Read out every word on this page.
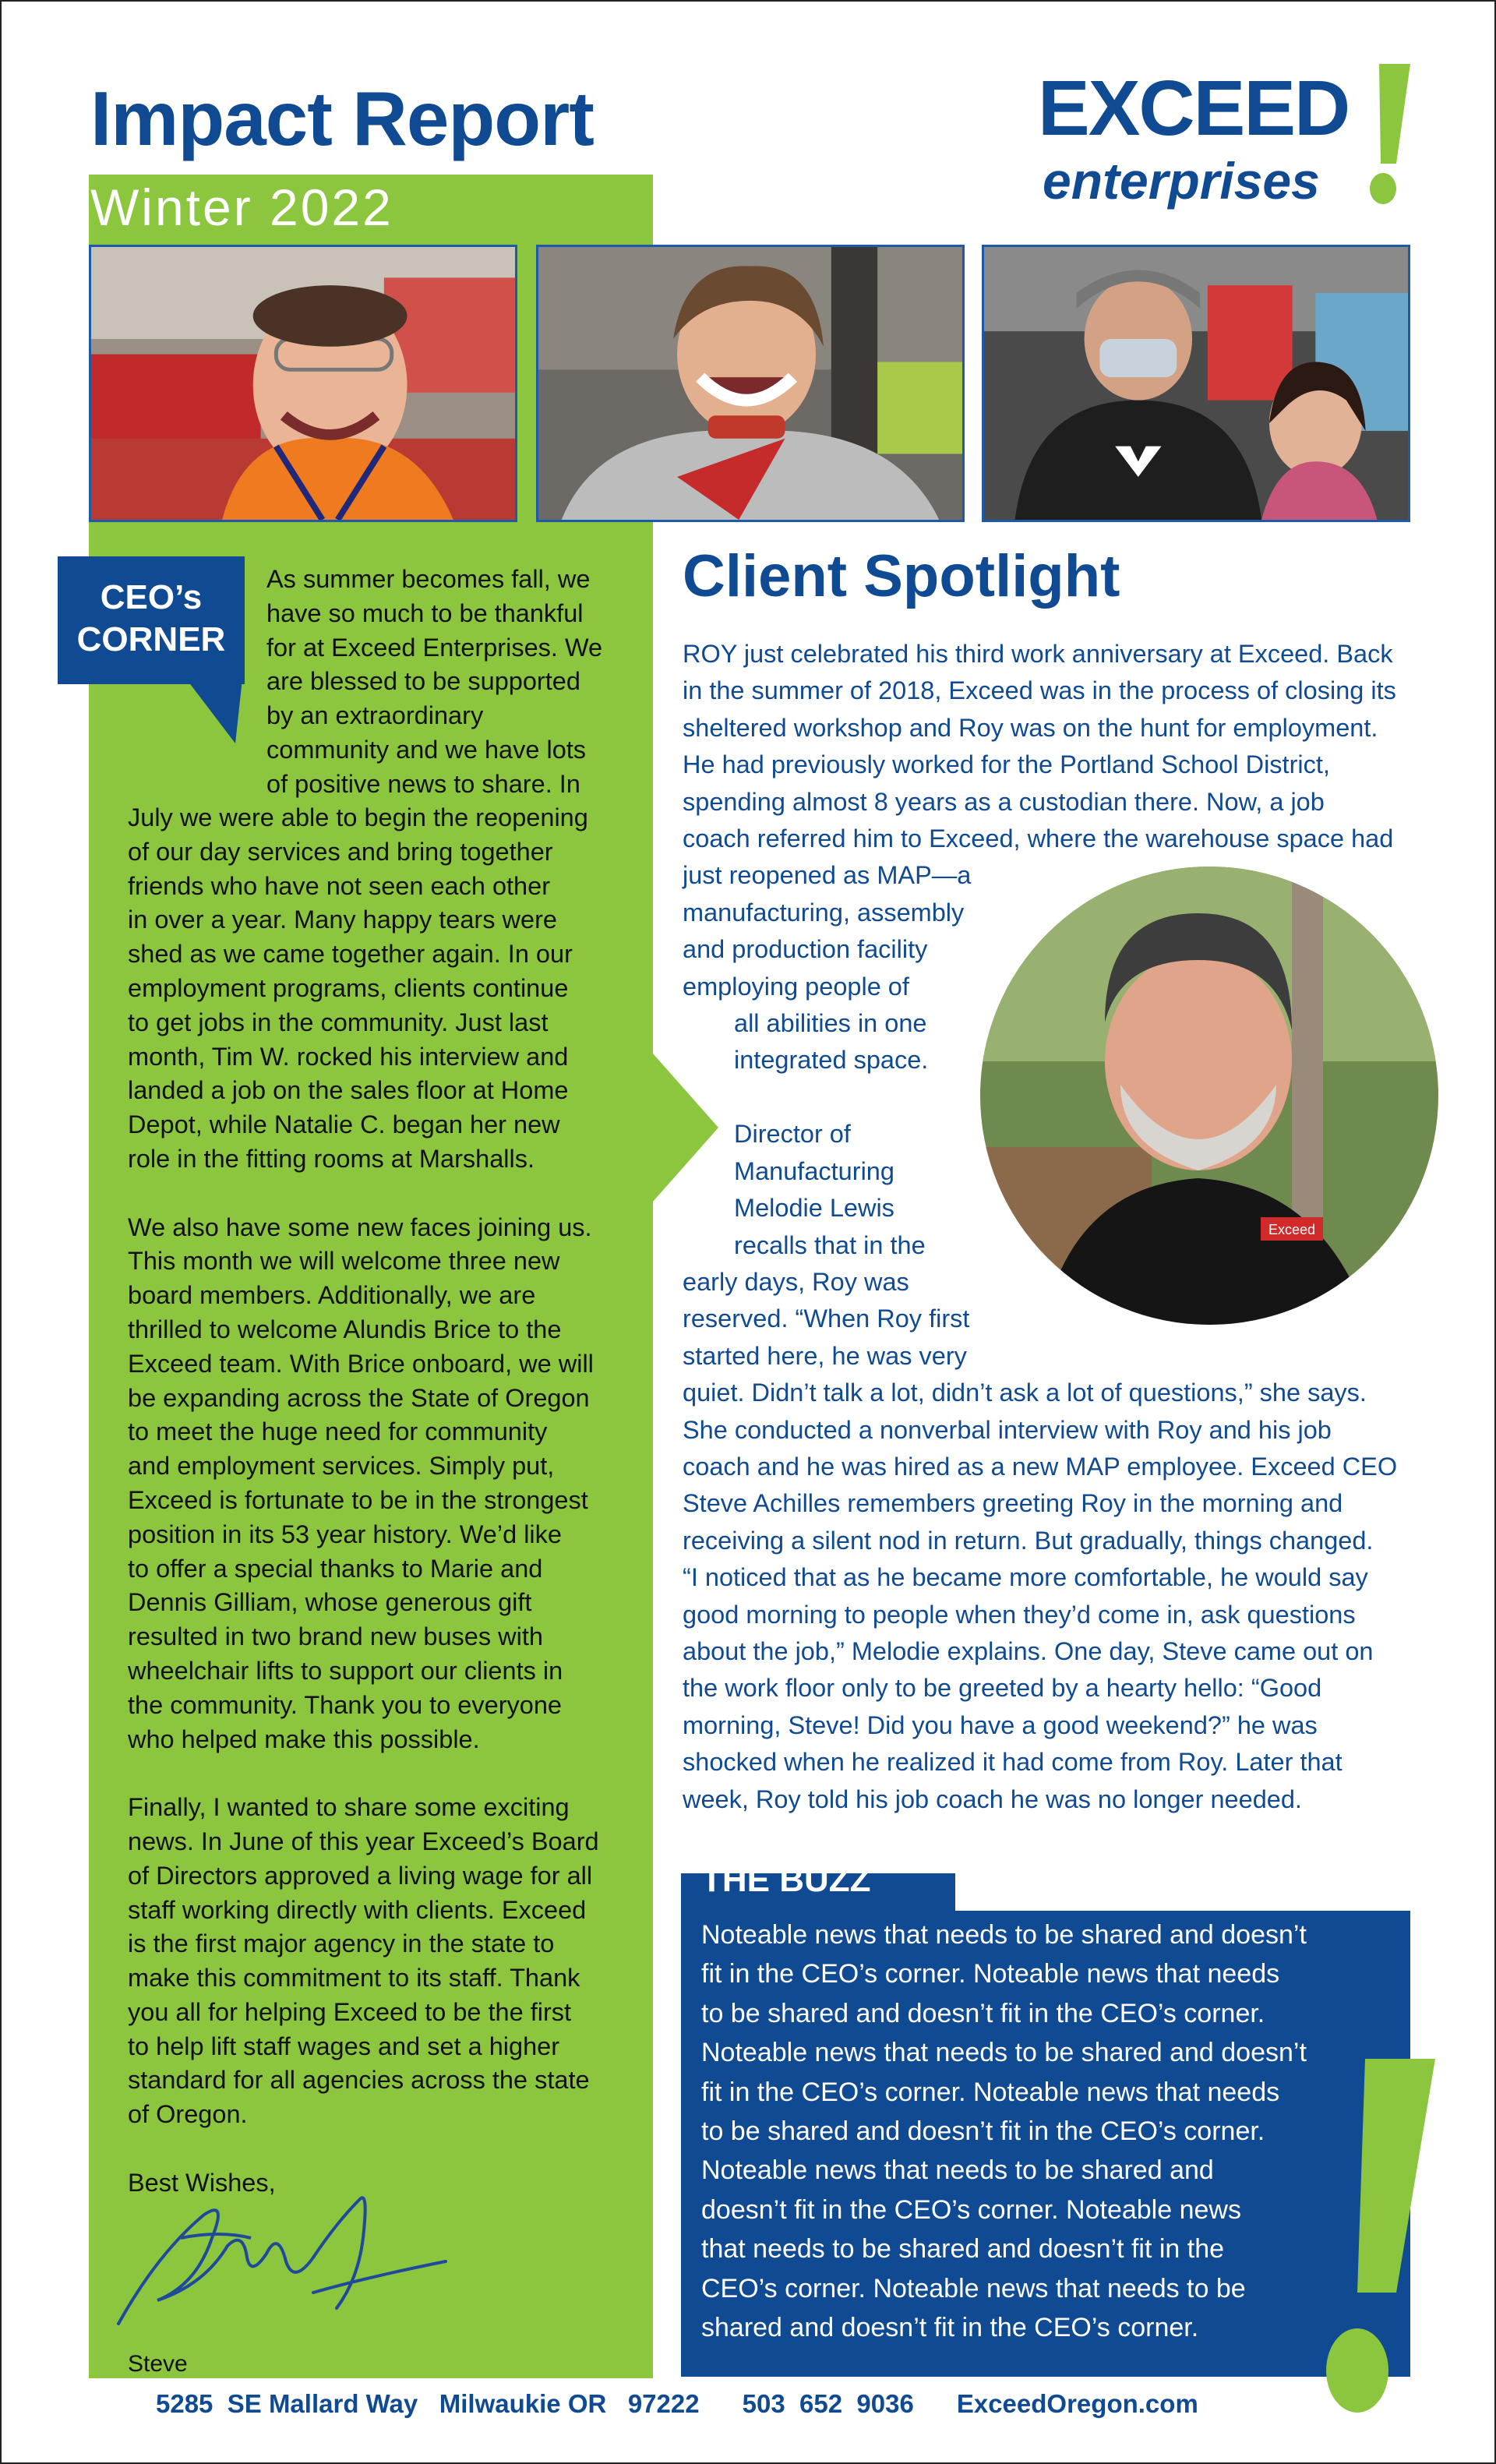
Impact Report
Winter 2022
EXCEED
enterprises
CEO’s
CORNER

As summer becomes fall, we

have so much to be thankful

for at Exceed Enterprises. We

are blessed to be supported

by an extraordinary

community and we have lots

of positive news to share. In

July we were able to begin the reopening

of our day services and bring together

friends who have not seen each other

in over a year. Many happy tears were

shed as we came together again. In our

employment programs, clients continue

to get jobs in the community. Just last

month, Tim W. rocked his interview and

landed a job on the sales floor at Home

Depot, while Natalie C. began her new

role in the fitting rooms at Marshalls.

We also have some new faces joining us.

This month we will welcome three new

board members. Additionally, we are

thrilled to welcome Alundis Brice to the

Exceed team. With Brice onboard, we will

be expanding across the State of Oregon

to meet the huge need for community

and employment services. Simply put,

Exceed is fortunate to be in the strongest

position in its 53 year history. We’d like

to offer a special thanks to Marie and

Dennis Gilliam, whose generous gift

resulted in two brand new buses with

wheelchair lifts to support our clients in

the community. Thank you to everyone

who helped make this possible.

Finally, I wanted to share some exciting

news. In June of this year Exceed’s Board

of Directors approved a living wage for all

staff working directly with clients. Exceed

is the first major agency in the state to

make this commitment to its staff. Thank

you all for helping Exceed to be the first

to help lift staff wages and set a higher

standard for all agencies across the state

of Oregon.

Best Wishes,

Steve
Client Spotlight

ROY just celebrated his third work anniversary at Exceed. Back

in the summer of 2018, Exceed was in the process of closing its

sheltered workshop and Roy was on the hunt for employment.

He had previously worked for the Portland School District,

spending almost 8 years as a custodian there. Now, a job

coach referred him to Exceed, where the warehouse space had

just reopened as MAP—a

manufacturing, assembly

and production facility

employing people of

all abilities in one

integrated space.

Director of

Manufacturing

Melodie Lewis

recalls that in the

early days, Roy was

reserved. “When Roy first

started here, he was very

quiet. Didn’t talk a lot, didn’t ask a lot of questions,” she says.

She conducted a nonverbal interview with Roy and his job

coach and he was hired as a new MAP employee. Exceed CEO

Steve Achilles remembers greeting Roy in the morning and

receiving a silent nod in return. But gradually, things changed.

“I noticed that as he became more comfortable, he would say

good morning to people when they’d come in, ask questions

about the job,” Melodie explains. One day, Steve came out on

the work floor only to be greeted by a hearty hello: “Good

morning, Steve! Did you have a good weekend?” he was

shocked when he realized it had come from Roy. Later that

week, Roy told his job coach he was no longer needed.

Exceed
THE BUZZ

Noteable news that needs to be shared and doesn’t

fit in the CEO’s corner. Noteable news that needs

to be shared and doesn’t fit in the CEO’s corner.

Noteable news that needs to be shared and doesn’t

fit in the CEO’s corner. Noteable news that needs

to be shared and doesn’t fit in the CEO’s corner.

Noteable news that needs to be shared and

doesn’t fit in the CEO’s corner. Noteable news

that needs to be shared and doesn’t fit in the

CEO’s corner. Noteable news that needs to be

shared and doesn’t fit in the CEO’s corner.

5285  SE Mallard Way   Milwaukie OR   97222 503  652  9036 ExceedOregon.com
